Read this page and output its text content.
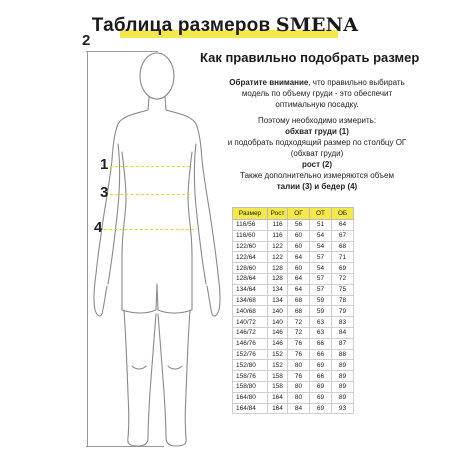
Таблица размеров SMENA
2
1
3
4
Как правильно подобрать размер
Обратите внимание, что правильно выбирать модель по объему груди - это обеспечит оптимальную посадку.
Поэтому необходимо измерить:
обхват груди (1)
и подобрать подходящий размер по столбцу ОГ (обхват груди)
рост (2)
Также дополнительно измеряются объем
талии (3) и бедер (4)
Размер	Рост	ОГ	ОТ	ОБ
116/56	116	56	51	64
116/60	116	60	54	67
122/60	122	60	54	68
122/64	122	64	57	71
128/60	128	60	54	69
128/64	128	64	57	72
134/64	134	64	57	75
134/68	134	68	59	78
140/68	140	68	59	79
140/72	140	72	63	83
146/72	146	72	63	84
146/76	146	76	66	87
152/76	152	76	66	88
152/80	152	80	69	89
158/76	158	76	66	89
158/80	158	80	69	89
164/80	164	80	69	89
164/84	164	84	69	93
